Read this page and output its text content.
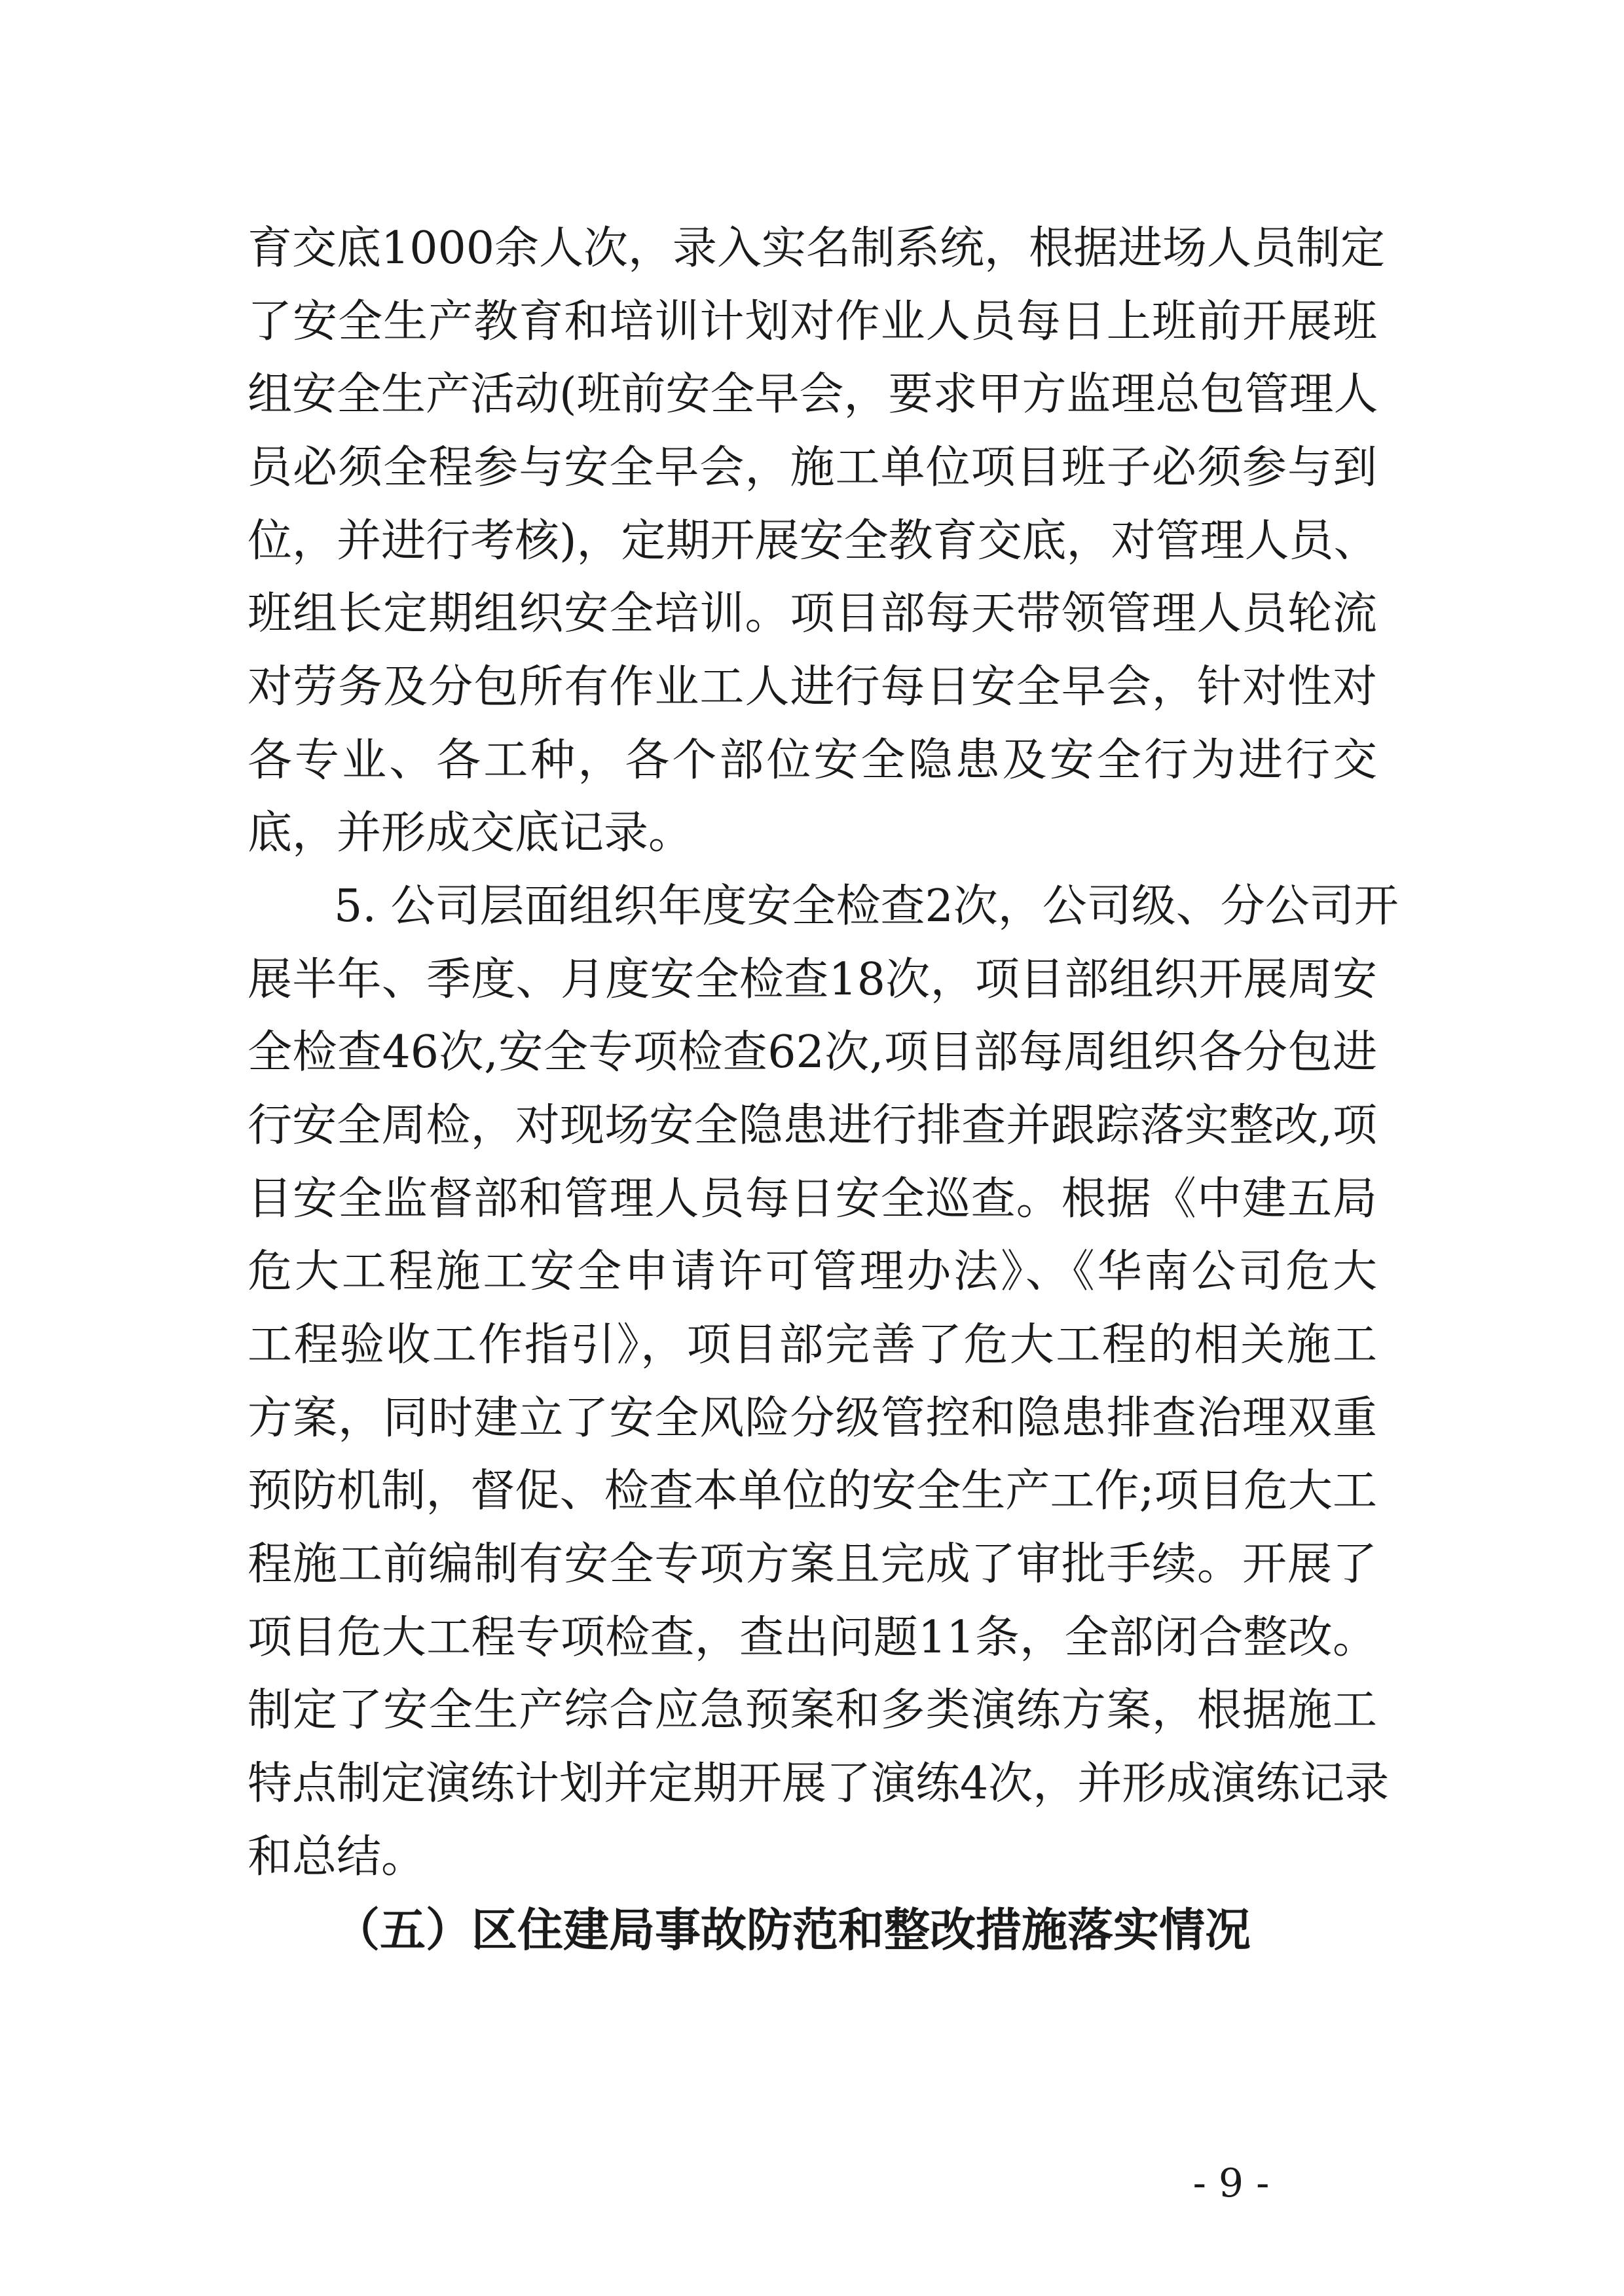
育交底1000余人次，录入实名制系统，根据进场人员制定
了安全生产教育和培训计划对作业人员每日上班前开展班
组安全生产活动(班前安全早会，要求甲方监理总包管理人
员必须全程参与安全早会，施工单位项目班子必须参与到
位，并进行考核)，定期开展安全教育交底，对管理人员、
班组长定期组织安全培训。项目部每天带领管理人员轮流
对劳务及分包所有作业工人进行每日安全早会，针对性对
各专业、各工种，各个部位安全隐患及安全行为进行交
底，并形成交底记录。
5. 公司层面组织年度安全检查2次，公司级、分公司开
展半年、季度、月度安全检查18次，项目部组织开展周安
全检查46次,安全专项检查62次,项目部每周组织各分包进
行安全周检，对现场安全隐患进行排查并跟踪落实整改,项
目安全监督部和管理人员每日安全巡查。根据《中建五局
危大工程施工安全申请许可管理办法》、《华南公司危大
工程验收工作指引》，项目部完善了危大工程的相关施工
方案，同时建立了安全风险分级管控和隐患排查治理双重
预防机制，督促、检查本单位的安全生产工作;项目危大工
程施工前编制有安全专项方案且完成了审批手续。开展了
项目危大工程专项检查，查出问题11条，全部闭合整改。
制定了安全生产综合应急预案和多类演练方案，根据施工
特点制定演练计划并定期开展了演练4次，并形成演练记录
和总结。
（五）区住建局事故防范和整改措施落实情况
- 9 -
